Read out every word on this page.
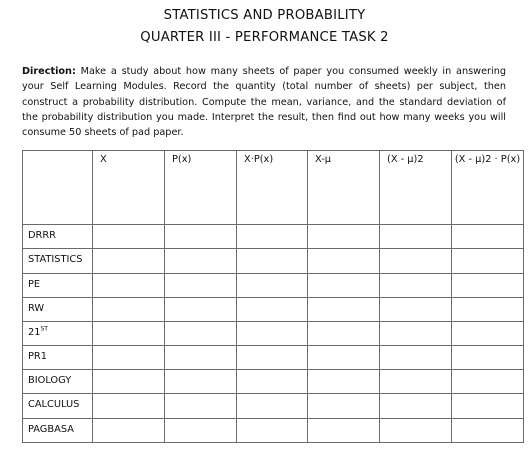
STATISTICS AND PROBABILITY
QUARTER III - PERFORMANCE TASK 2
Direction: Make a study about how many sheets of paper you consumed weekly in answering your Self Learning Modules. Record the quantity (total number of sheets) per subject, then construct a probability distribution. Compute the mean, variance, and the standard deviation of the probability distribution you made. Interpret the result, then find out how many weeks you will consume 50 sheets of pad paper.
	X	P(x)	X·P(x)	X-μ	(X - μ)2	(X - μ)2 · P(x)
DRRR						
STATISTICS						
PE						
RW						
21ST						
PR1						
BIOLOGY						
CALCULUS						
PAGBASA						
